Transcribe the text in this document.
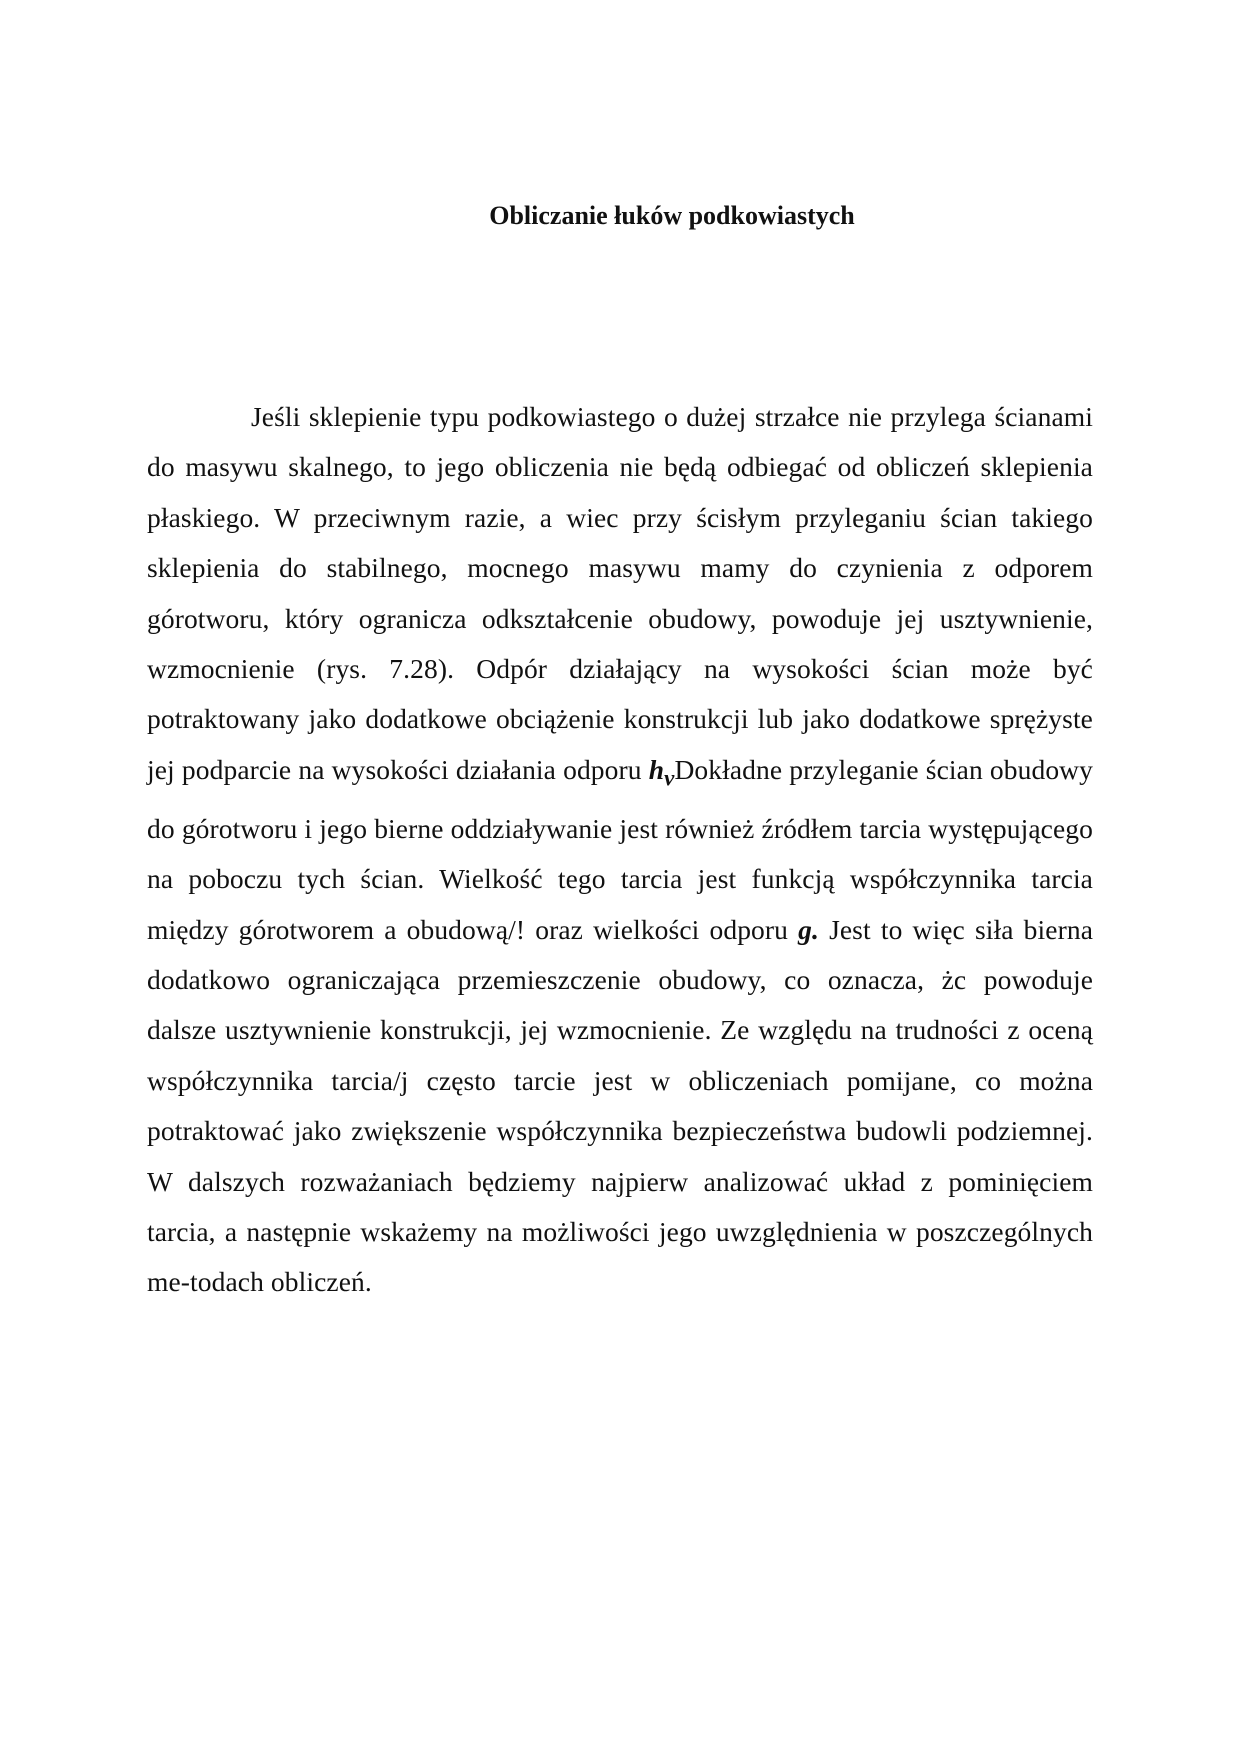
Obliczanie łuków podkowiastych

Jeśli sklepienie typu podkowiastego o dużej strzałce nie przylega ścianami do masywu skalnego, to jego obliczenia nie będą odbiegać od obliczeń sklepienia płaskiego. W przeciwnym razie, a wiec przy ścisłym przyleganiu ścian takiego sklepienia do stabilnego, mocnego masywu mamy do czynienia z odporem górotworu, który ogranicza odkształcenie obudowy, powoduje jej usztywnienie, wzmocnienie (rys. 7.28). Odpór działający na wysokości ścian może być potraktowany jako dodatkowe obciążenie konstrukcji lub jako dodatkowe sprężyste jej podparcie na wysokości działania odporu $h_vDokładne$ przyleganie ścian obudowy do górotworu i jego bierne oddziaływanie jest również źródłem tarcia występującego na poboczu tych ścian. Wielkość tego tarcia jest funkcją współczynnika tarcia między górotworem a obudową/! oraz wielkości odporu g. Jest to więc siła bierna dodatkowo ograniczająca przemieszczenie obudowy, co oznacza, żc powoduje dalsze usztywnienie konstrukcji, jej wzmocnienie. Ze względu na trudności z oceną współczynnika tarcia/j często tarcie jest w obliczeniach pomijane, co można potraktować jako zwiększenie współczynnika bezpieczeństwa budowli podziemnej. W dalszych rozważaniach będziemy najpierw analizować układ z pominięciem tarcia, a następnie wskażemy na możliwości jego uwzględnienia w poszczególnych me-todach obliczeń.
